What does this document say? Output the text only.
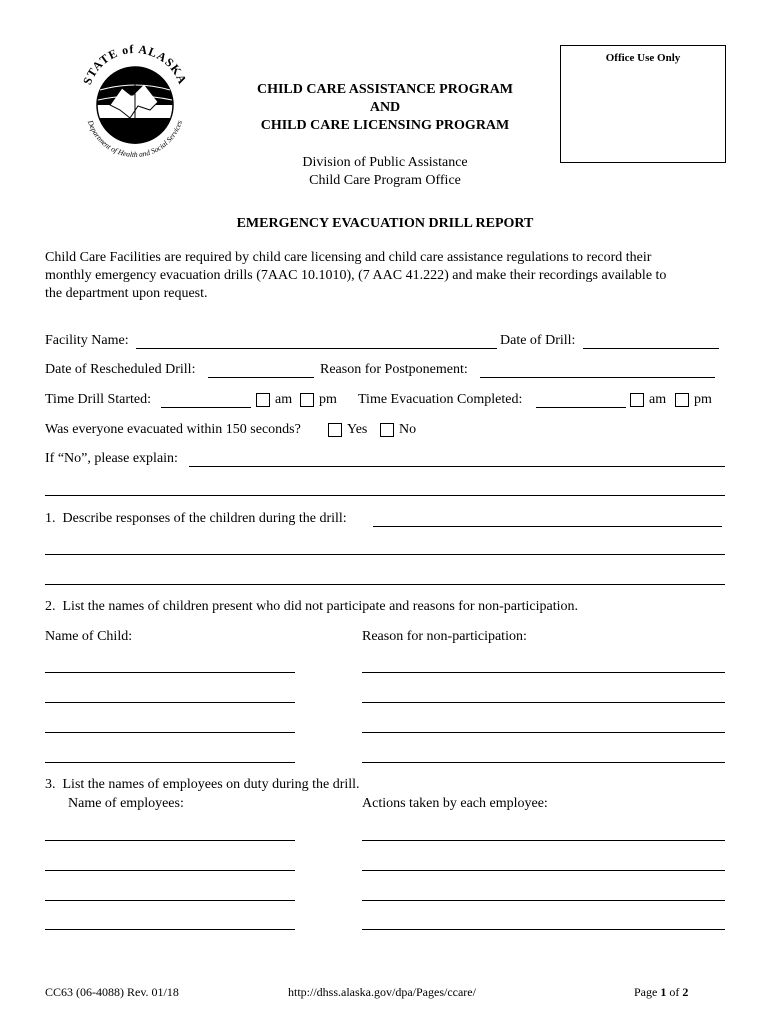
STATE of ALASKA
Department of Health and Social Services
Office Use Only
CHILD CARE ASSISTANCE PROGRAM
AND
CHILD CARE LICENSING PROGRAM
Division of Public Assistance
Child Care Program Office
EMERGENCY EVACUATION DRILL REPORT
Child Care Facilities are required by child care licensing and child care assistance regulations to record their
monthly emergency evacuation drills (7AAC 10.1010), (7 AAC 41.222) and make their recordings available to
the department upon request.
Facility Name:	Date of Drill:
Date of Rescheduled Drill:	Reason for Postponement:
Time Drill Started:	am pm Time Evacuation Completed:	am pm
Was everyone evacuated within 150 seconds?	Yes No
If “No”, please explain:
1.  Describe responses of the children during the drill:
2.  List the names of children present who did not participate and reasons for non-participation.
Name of Child:	Reason for non-participation:
3.  List the names of employees on duty during the drill.
Name of employees:	Actions taken by each employee:
CC63 (06-4088) Rev. 01/18	http://dhss.alaska.gov/dpa/Pages/ccare/	Page 1 of 2
